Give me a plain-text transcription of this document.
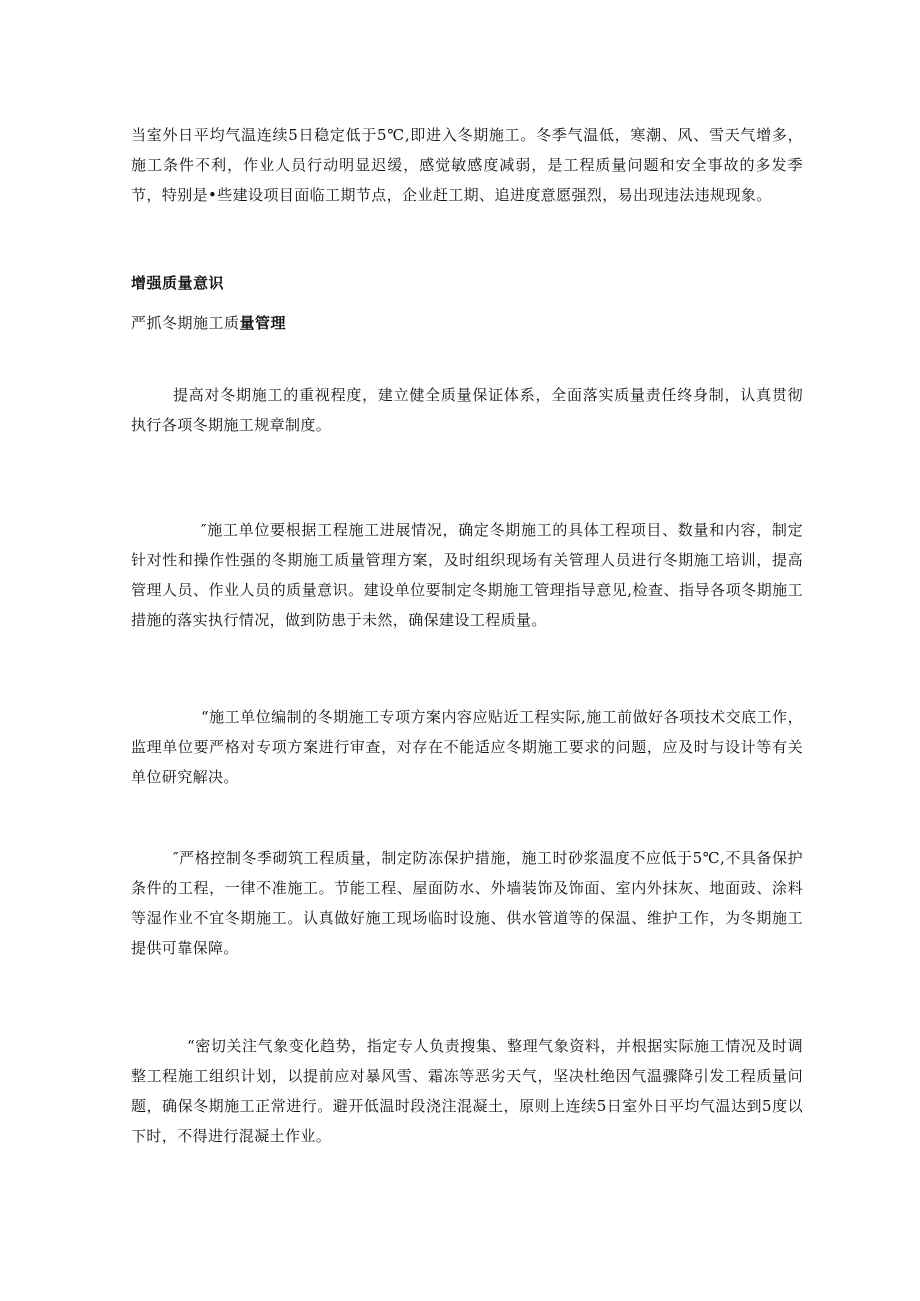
当室外日平均气温连续5日稳定低于5℃,即进入冬期施工。冬季气温低，寒潮、风、雪天气增多，施工条件不利，作业人员行动明显迟缓，感觉敏感度减弱，是工程质量问题和安全事故的多发季节，特别是•些建设项目面临工期节点，企业赶工期、追进度意愿强烈，易出现违法违规现象。

增强质量意识

严抓冬期施工质量管理

提高对冬期施工的重视程度，建立健全质量保证体系，全面落实质量责任终身制，认真贯彻执行各项冬期施工规章制度。

″施工单位要根据工程施工进展情况，确定冬期施工的具体工程项目、数量和内容，制定针对性和操作性强的冬期施工质量管理方案，及时组织现场有关管理人员进行冬期施工培训，提高管理人员、作业人员的质量意识。建设单位要制定冬期施工管理指导意见,检查、指导各项冬期施工措施的落实执行情况，做到防患于未然，确保建设工程质量。

“施工单位编制的冬期施工专项方案内容应贴近工程实际,施工前做好各项技术交底工作，监理单位要严格对专项方案进行审查，对存在不能适应冬期施工要求的问题，应及时与设计等有关单位研究解决。

″严格控制冬季砌筑工程质量，制定防冻保护措施，施工时砂浆温度不应低于5℃,不具备保护条件的工程，一律不准施工。节能工程、屋面防水、外墙装饰及饰面、室内外抹灰、地面豉、涂料等湿作业不宜冬期施工。认真做好施工现场临时设施、供水管道等的保温、维护工作，为冬期施工提供可靠保障。

“密切关注气象变化趋势，指定专人负责搜集、整理气象资料，并根据实际施工情况及时调整工程施工组织计划，以提前应对暴风雪、霜冻等恶劣天气，坚决杜绝因气温骤降引发工程质量问题，确保冬期施工正常进行。避开低温时段浇注混凝土，原则上连续5日室外日平均气温达到5度以下时，不得进行混凝土作业。
